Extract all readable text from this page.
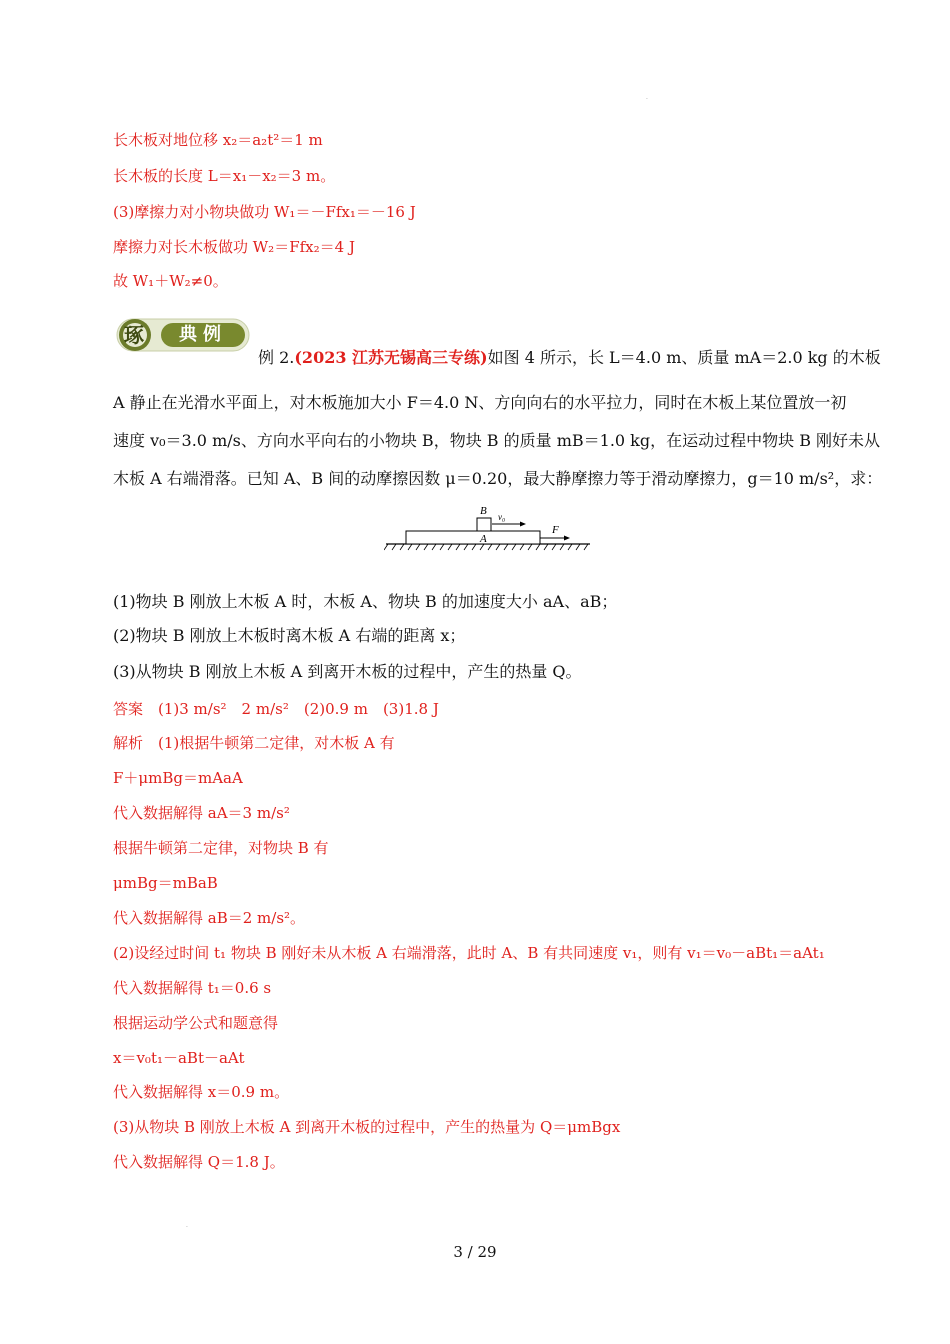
长木板对地位移 x₂＝a₂t²＝1 m
长木板的长度 L＝x₁－x₂＝3 m。
(3)摩擦力对小物块做功 W₁＝－Ffx₁＝－16 J
摩擦力对长木板做功 W₂＝Ffx₂＝4 J
故 W₁＋W₂≠0。
琢 典例
例 2.(2023 江苏无锡高三专练)如图 4 所示，长 L＝4.0 m、质量 mA＝2.0 kg 的木板
A 静止在光滑水平面上，对木板施加大小 F＝4.0 N、方向向右的水平拉力，同时在木板上某位置放一初
速度 v₀＝3.0 m/s、方向水平向右的小物块 B，物块 B 的质量 mB＝1.0 kg，在运动过程中物块 B 刚好未从
木板 A 右端滑落。已知 A、B 间的动摩擦因数 μ＝0.20，最大静摩擦力等于滑动摩擦力，g＝10 m/s²，求：
B v₀
A
F
(1)物块 B 刚放上木板 A 时，木板 A、物块 B 的加速度大小 aA、aB；
(2)物块 B 刚放上木板时离木板 A 右端的距离 x；
(3)从物块 B 刚放上木板 A 到离开木板的过程中，产生的热量 Q。
答案　(1)3 m/s²　2 m/s²　(2)0.9 m　(3)1.8 J
解析　(1)根据牛顿第二定律，对木板 A 有
F＋μmBg＝mAaA
代入数据解得 aA＝3 m/s²
根据牛顿第二定律，对物块 B 有
μmBg＝mBaB
代入数据解得 aB＝2 m/s²。
(2)设经过时间 t₁ 物块 B 刚好未从木板 A 右端滑落，此时 A、B 有共同速度 v₁，则有 v₁＝v₀－aBt₁＝aAt₁
代入数据解得 t₁＝0.6 s
根据运动学公式和题意得
x＝v₀t₁－aBt－aAt
代入数据解得 x＝0.9 m。
(3)从物块 B 刚放上木板 A 到离开木板的过程中，产生的热量为 Q＝μmBgx
代入数据解得 Q＝1.8 J。
·
·
3 / 29
